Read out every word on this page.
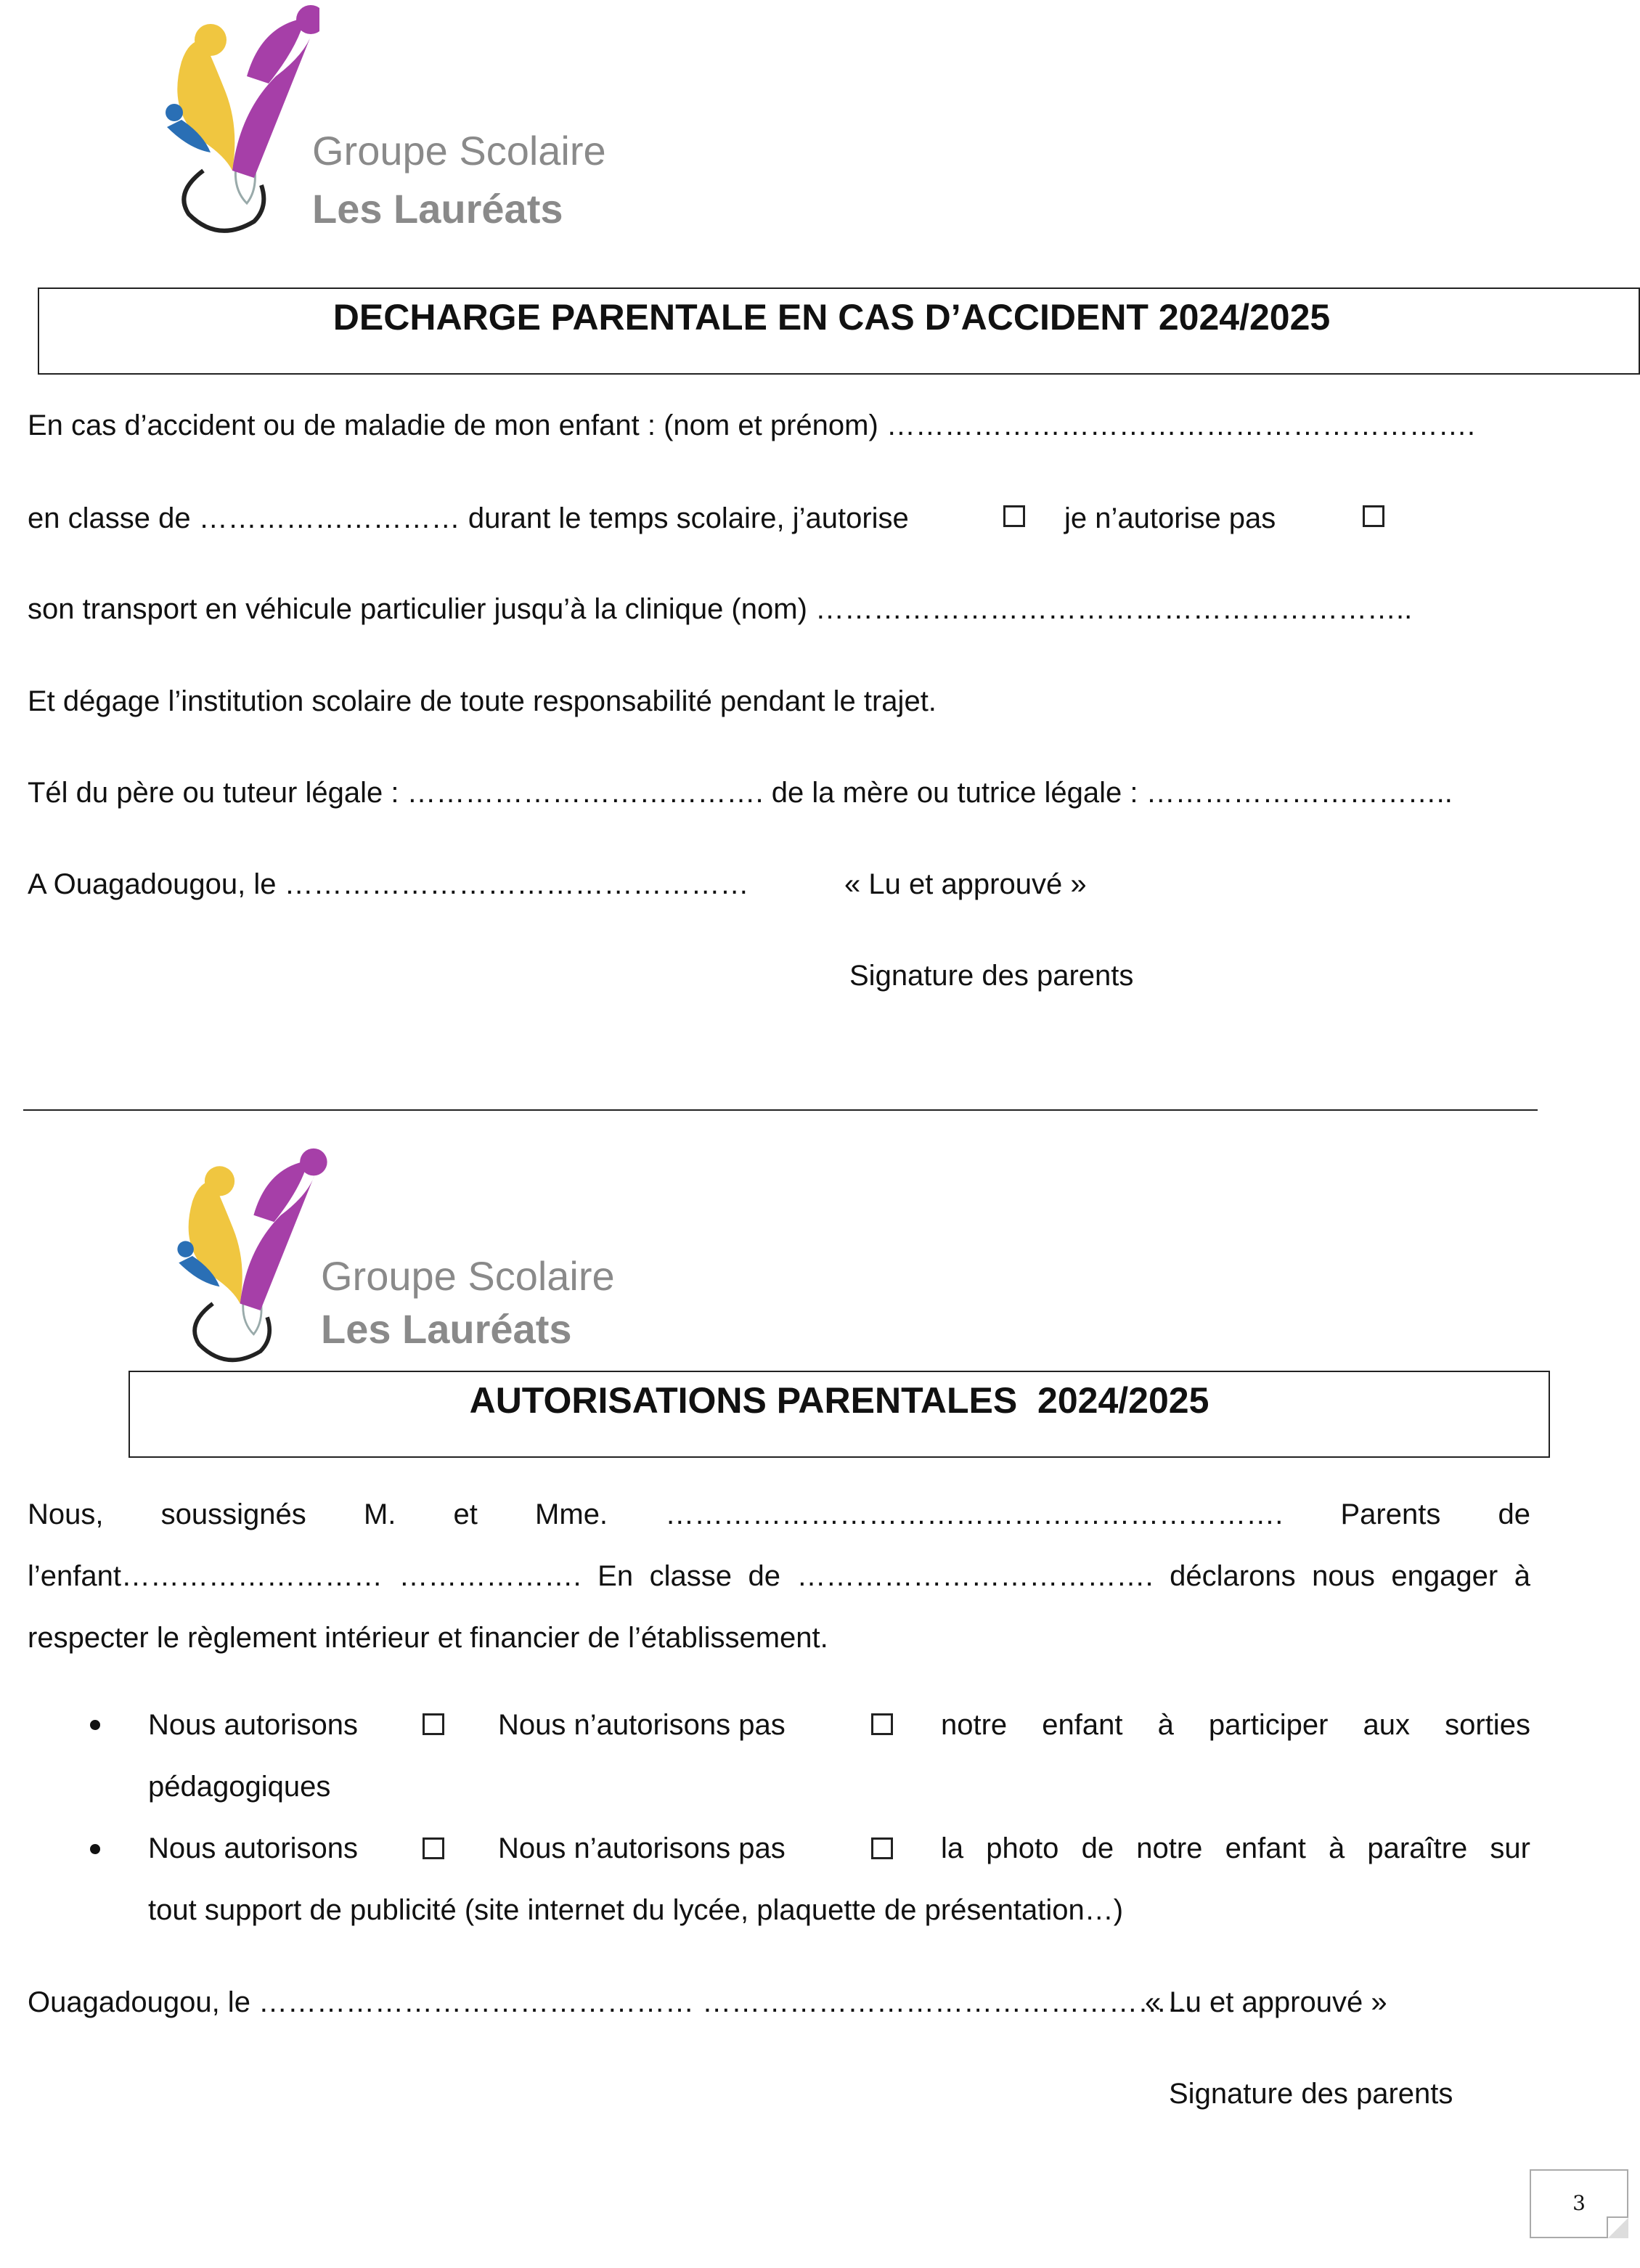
Groupe Scolaire
Les Lauréats
DECHARGE PARENTALE EN CAS D’ACCIDENT 2024/2025
En cas d’accident ou de maladie de mon enfant : (nom et prénom) …………………………………………………….
en classe de ……………………… durant le temps scolaire, j’autorise	je n’autorise pas
son transport en véhicule particulier jusqu’à la clinique (nom) ……………………………………………………..
Et dégage l’institution scolaire de toute responsabilité pendant le trajet.
Tél du père ou tuteur légale : ………………………………. de la mère ou tutrice légale : …………………………..
A Ouagadougou, le …………………………………………	« Lu et approuvé »
Signature des parents
Groupe Scolaire
Les Lauréats
AUTORISATIONS PARENTALES  2024/2025
Nous, soussignés M. et Mme. ………………………………………………………. Parents de
l’enfant……………………… ………………. En classe de ………………………………. déclarons nous engager à
respecter le règlement intérieur et financier de l’établissement.
Nous autorisons	Nous n’autorisons pas	notre enfant à participer aux sorties
pédagogiques
Nous autorisons	Nous n’autorisons pas	la photo de notre enfant à paraître sur
tout support de publicité (site internet du lycée, plaquette de présentation…)
Ouagadougou, le ……………………………………… ……………………………………………
« Lu et approuvé »
Signature des parents
3
